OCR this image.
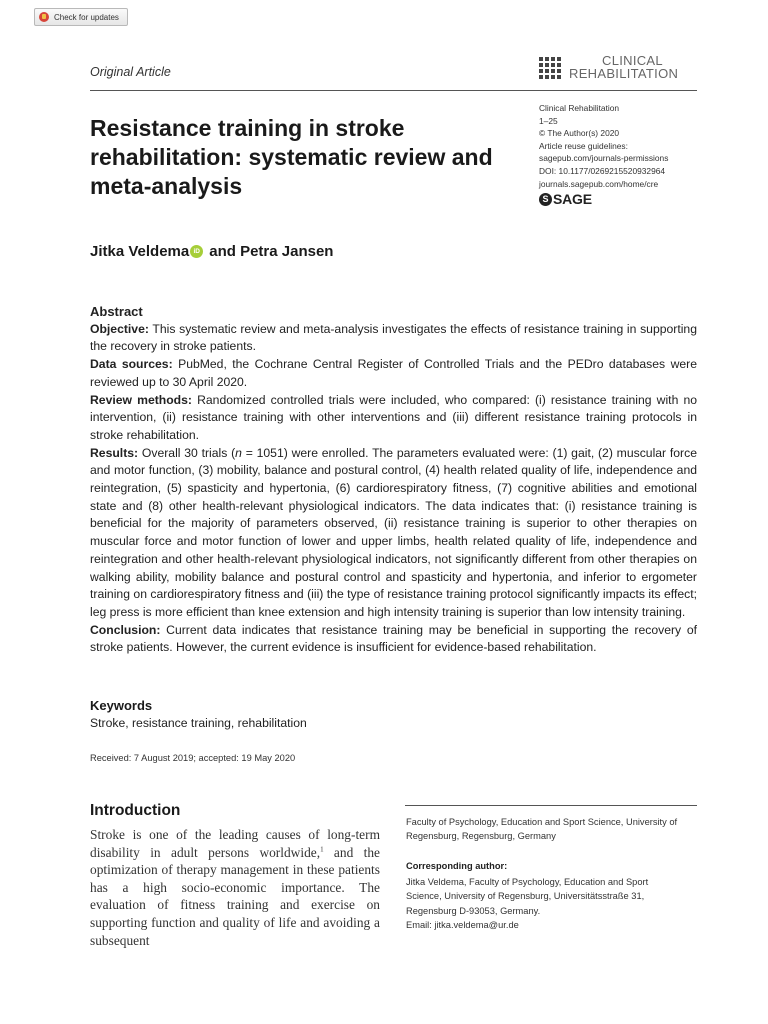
Check for updates
Original Article
CLINICAL
REHABILITATION
Clinical Rehabilitation
1–25
© The Author(s) 2020
Article reuse guidelines:
sagepub.com/journals-permissions
DOI: 10.1177/0269215520932964
journals.sagepub.com/home/cre
S SAGE
Resistance training in stroke rehabilitation: systematic review and meta-analysis
Jitka Veldema iD and Petra Jansen
Abstract

Objective: This systematic review and meta-analysis investigates the effects of resistance training in supporting the recovery in stroke patients.

Data sources: PubMed, the Cochrane Central Register of Controlled Trials and the PEDro databases were reviewed up to 30 April 2020.

Review methods: Randomized controlled trials were included, who compared: (i) resistance training with no intervention, (ii) resistance training with other interventions and (iii) different resistance training protocols in stroke rehabilitation.

Results: Overall 30 trials (n = 1051) were enrolled. The parameters evaluated were: (1) gait, (2) muscular force and motor function, (3) mobility, balance and postural control, (4) health related quality of life, independence and reintegration, (5) spasticity and hypertonia, (6) cardiorespiratory fitness, (7) cognitive abilities and emotional state and (8) other health-relevant physiological indicators. The data indicates that: (i) resistance training is beneficial for the majority of parameters observed, (ii) resistance training is superior to other therapies on muscular force and motor function of lower and upper limbs, health related quality of life, independence and reintegration and other health-relevant physiological indicators, not significantly different from other therapies on walking ability, mobility balance and postural control and spasticity and hypertonia, and inferior to ergometer training on cardiorespiratory fitness and (iii) the type of resistance training protocol significantly impacts its effect; leg press is more efficient than knee extension and high intensity training is superior than low intensity training.

Conclusion: Current data indicates that resistance training may be beneficial in supporting the recovery of stroke patients. However, the current evidence is insufficient for evidence-based rehabilitation.

Keywords
Stroke, resistance training, rehabilitation
Received: 7 August 2019; accepted: 19 May 2020
Introduction
Stroke is one of the leading causes of long-term disability in adult persons worldwide,$^1$ and the optimization of therapy management in these patients has a high socio-economic importance. The evaluation of fitness training and exercise on supporting function and quality of life and avoiding a subsequent
Faculty of Psychology, Education and Sport Science, University of Regensburg, Regensburg, Germany
Corresponding author:
Jitka Veldema, Faculty of Psychology, Education and Sport
Science, University of Regensburg, Universitätsstraße 31,
Regensburg D-93053, Germany.
Email: jitka.veldema@ur.de
